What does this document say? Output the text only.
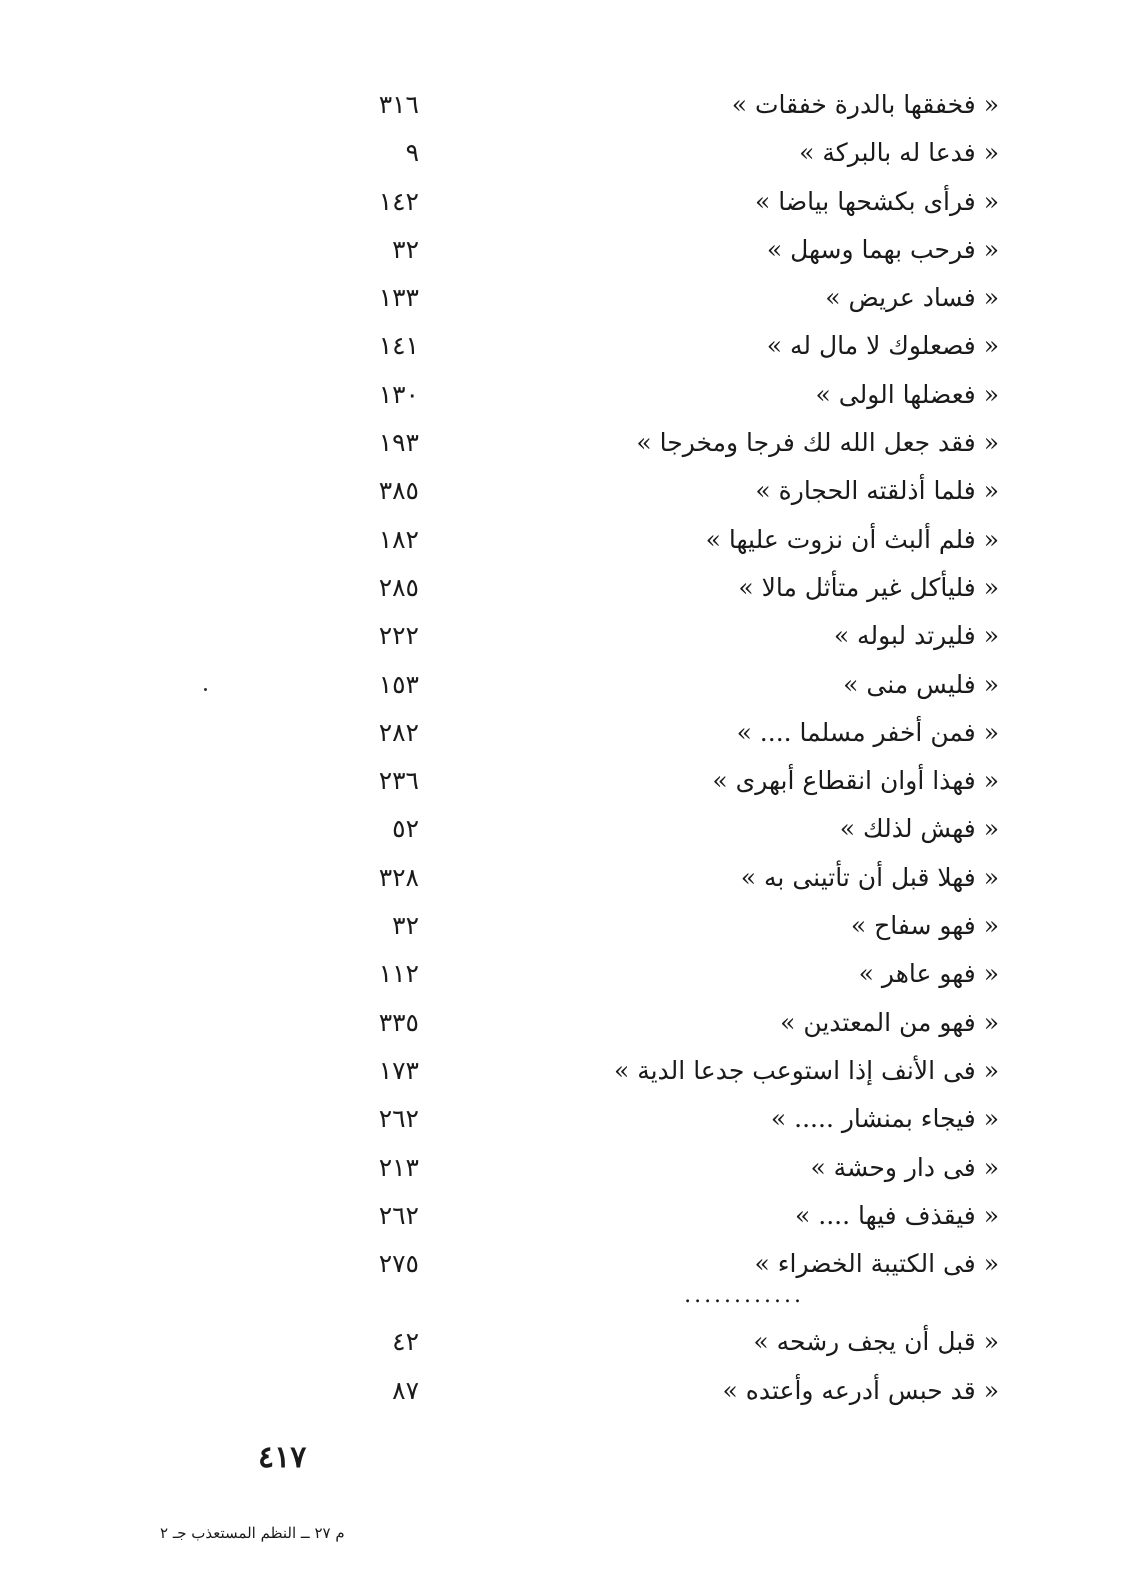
« فخفقها بالدرة خفقات »
٣١٦
« فدعا له بالبركة »
٩
« فرأى بكشحها بياضا »
١٤٢
« فرحب بهما وسهل »
٣٢
« فساد عريض »
١٣٣
« فصعلوك لا مال له »
١٤١
« فعضلها الولى »
١٣٠
« فقد جعل الله لك فرجا ومخرجا »
١٩٣
« فلما أذلقته الحجارة »
٣٨٥
« فلم ألبث أن نزوت عليها »
١٨٢
« فليأكل غير متأثل مالا »
٢٨٥
« فليرتد لبوله »
٢٢٢
« فليس منى »
١٥٣
« فمن أخفر مسلما .... »
٢٨٢
« فهذا أوان انقطاع أبهرى »
٢٣٦
« فهش لذلك »
٥٢
« فهلا قبل أن تأتينى به »
٣٢٨
« فهو سفاح »
٣٢
« فهو عاهر »
١١٢
« فهو من المعتدين »
٣٣٥
« فى الأنف إذا استوعب جدعا الدية »
١٧٣
« فيجاء بمنشار ..... »
٢٦٢
« فى دار وحشة »
٢١٣
« فيقذف فيها .... »
٢٦٢
« فى الكتيبة الخضراء »
٢٧٥
............
« قبل أن يجف رشحه »
٤٢
« قد حبس أدرعه وأعتده »
٨٧
٤١٧
م ٢٧ ــ النظم المستعذب جـ ٢
